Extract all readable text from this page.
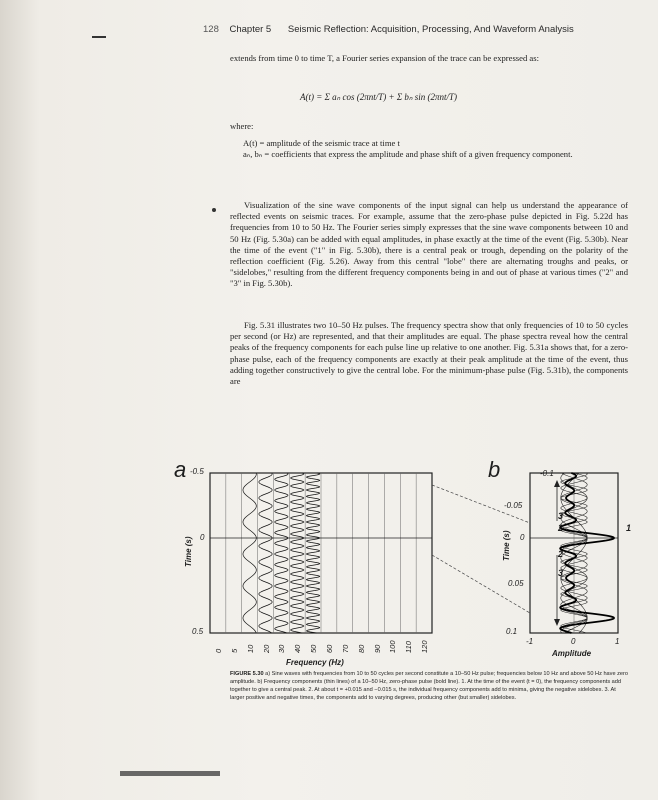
128 Chapter 5 Seismic Reflection: Acquisition, Processing, And Waveform Analysis
extends from time 0 to time T, a Fourier series expansion of the trace can be expressed as:
A(t) = Σ aₙ cos (2πnt/T) + Σ bₙ sin (2πnt/T)
where:
A(t) = amplitude of the seismic trace at time t
aₙ, bₙ = coefficients that express the amplitude and phase shift of a given frequency component.
Visualization of the sine wave components of the input signal can help us understand the appearance of reflected events on seismic traces. For example, assume that the zero-phase pulse depicted in Fig. 5.22d has frequencies from 10 to 50 Hz. The Fourier series simply expresses that the sine wave components between 10 and 50 Hz (Fig. 5.30a) can be added with equal amplitudes, in phase exactly at the time of the event (Fig. 5.30b). Near the time of the event ("1" in Fig. 5.30b), there is a central peak or trough, depending on the polarity of the reflection coefficient (Fig. 5.26). Away from this central "lobe" there are alternating troughs and peaks, or "sidelobes," resulting from the different frequency components being in and out of phase at various times ("2" and "3" in Fig. 5.30b).
Fig. 5.31 illustrates two 10–50 Hz pulses. The frequency spectra show that only frequencies of 10 to 50 cycles per second (or Hz) are represented, and that their amplitudes are equal. The phase spectra reveal how the central peaks of the frequency components for each pulse line up relative to one another. Fig. 5.31a shows that, for a zero-phase pulse, each of the frequency components are exactly at their peak amplitude at the time of the event, thus adding together constructively to give the central lobe. For the minimum-phase pulse (Fig. 5.31b), the components are
a -0.5
0
0.5
Time (s)
0 5 10 20 30 40 50 60 70 80 90 100 110 120
Frequency (Hz)
b	-0.1
-0.05
0
0.05
0.1
Time (s)
3
2	1
2
3
-1	0	1
Amplitude
FIGURE 5.30 a) Sine waves with frequencies from 10 to 50 cycles per second constitute a 10–50 Hz pulse; frequencies below 10 Hz and above 50 Hz have zero amplitude. b) Frequency components (thin lines) of a 10–50 Hz, zero-phase pulse (bold line). 1. At the time of the event (t = 0), the frequency components add together to give a central peak. 2. At about t = +0.015 and −0.015 s, the individual frequency components add to minima, giving the negative sidelobes. 3. At larger positive and negative times, the components add to varying degrees, producing other (but smaller) sidelobes.
